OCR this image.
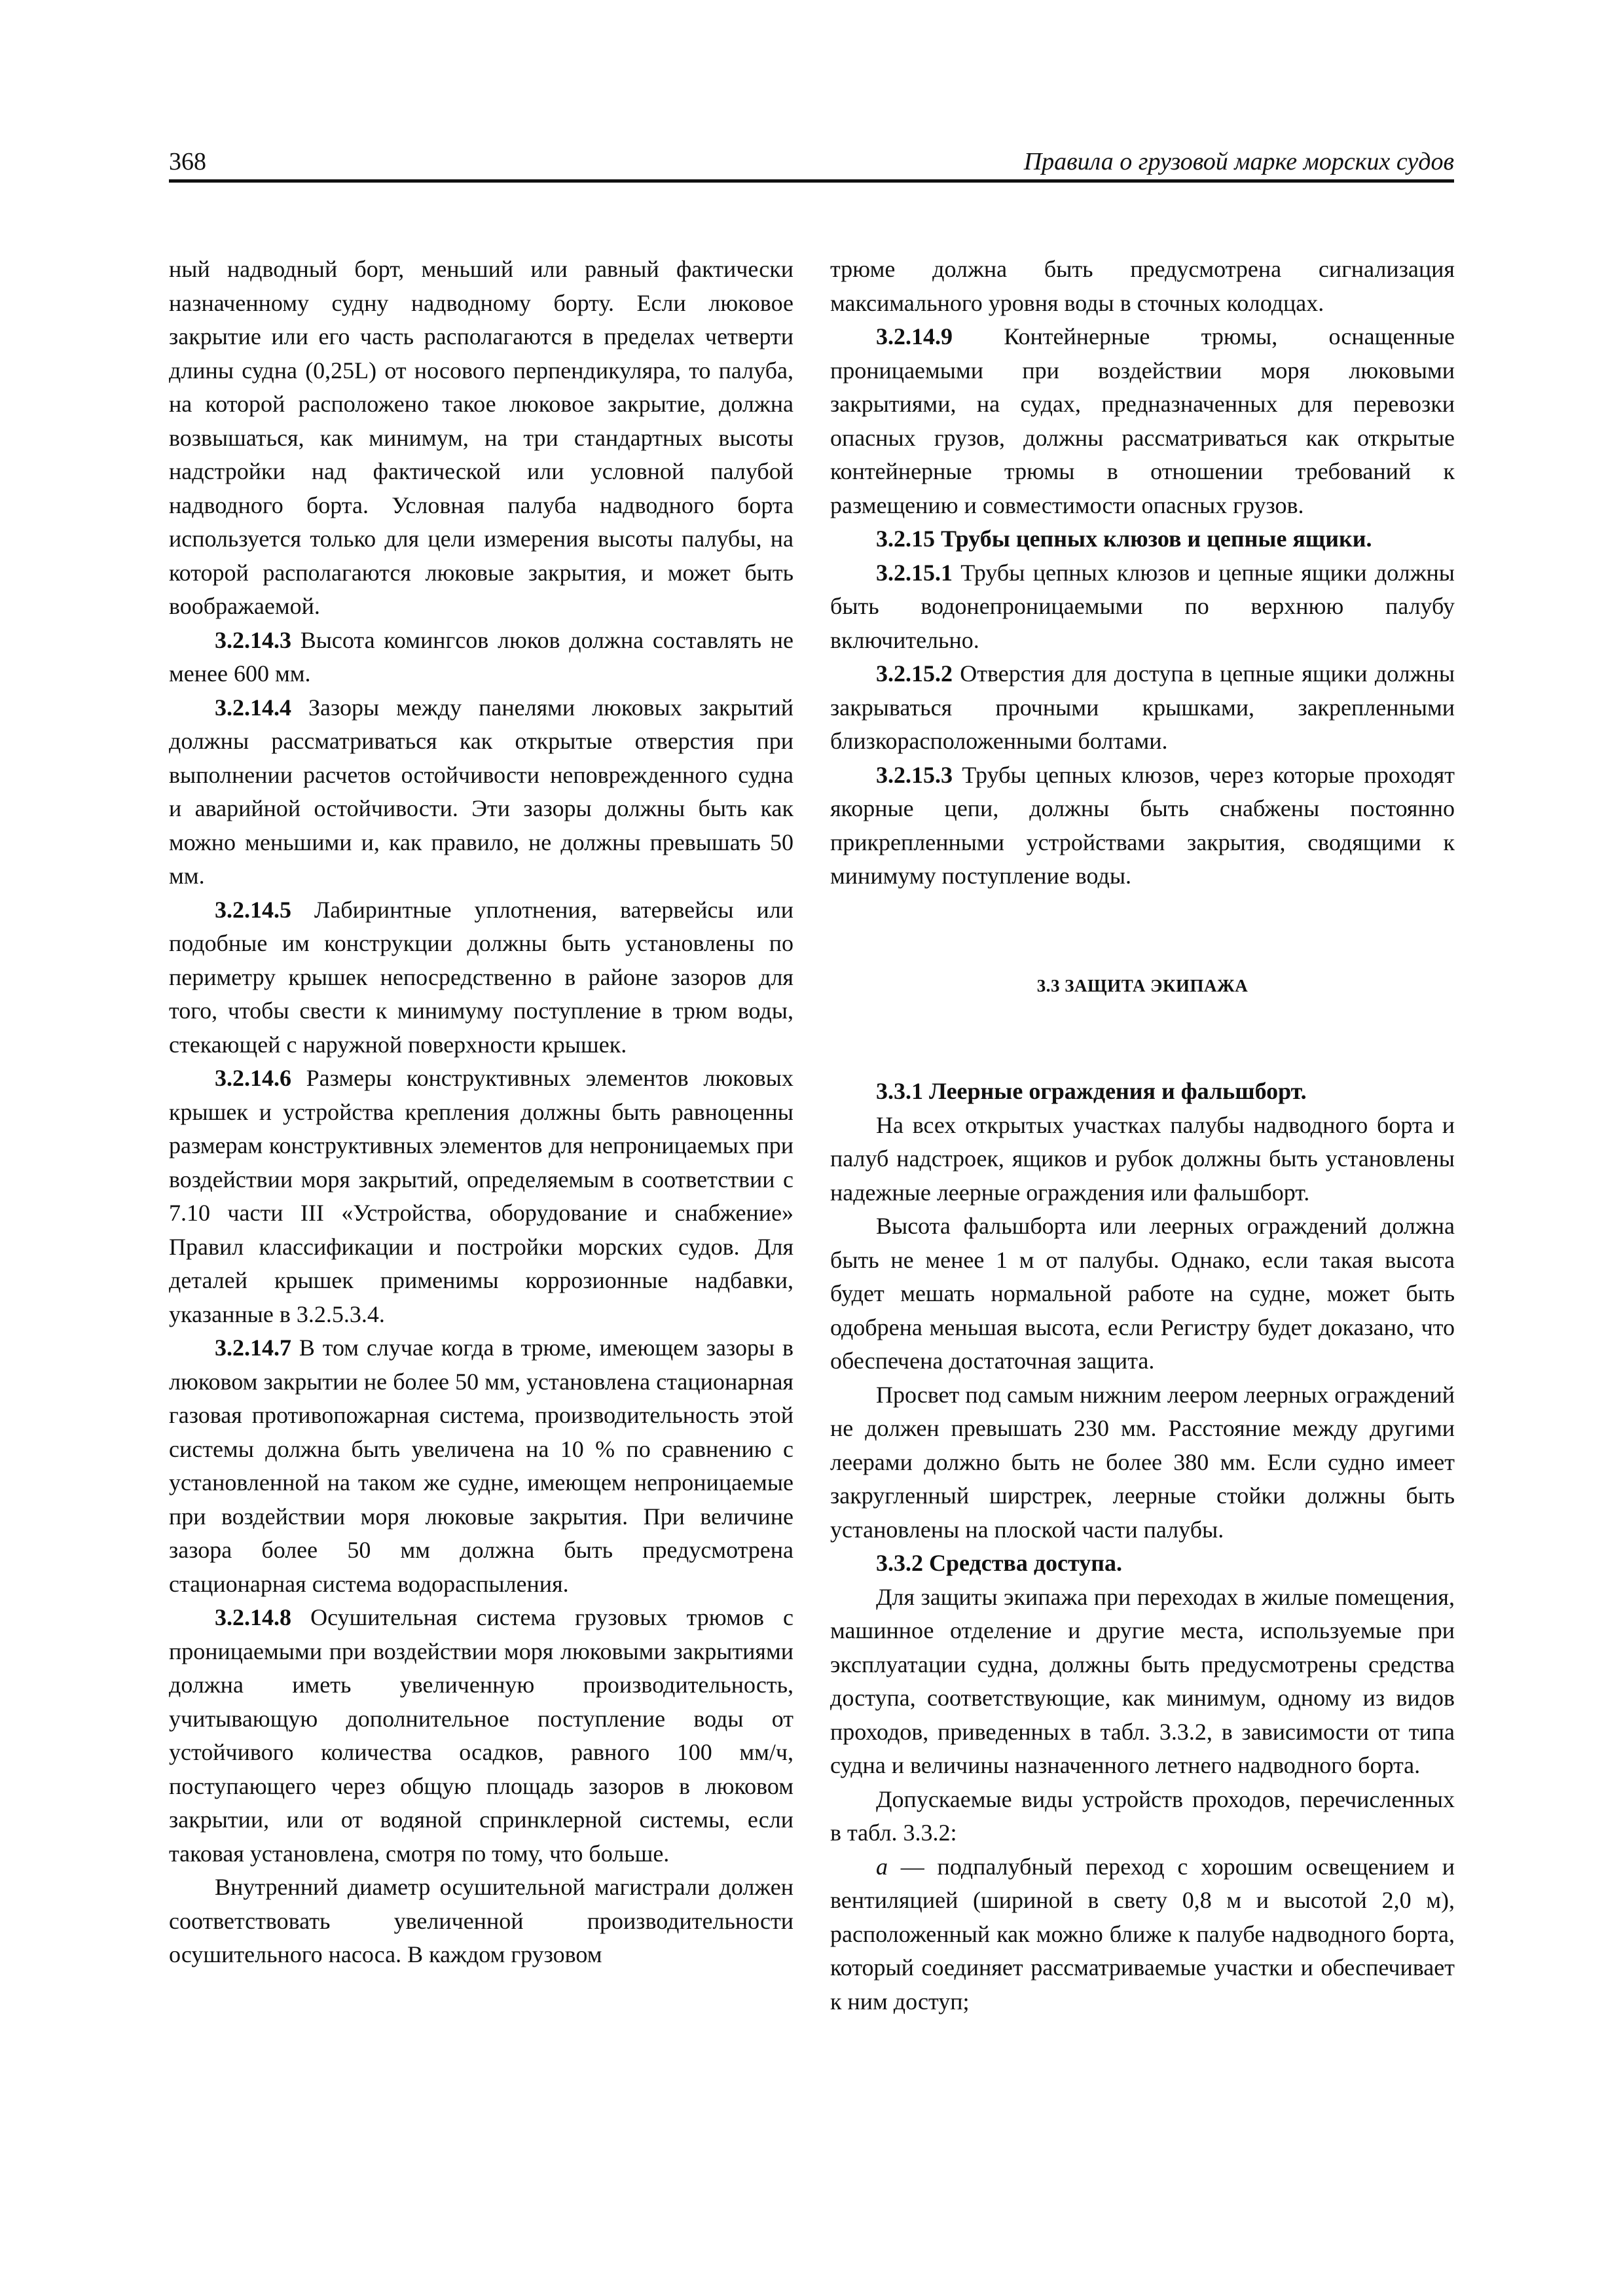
368	Правила о грузовой марке морских судов

ный надводный борт, меньший или равный фактически назначенному судну надводному борту. Если люковое закрытие или его часть располагаются в пределах четверти длины судна (0,25L) от носового перпендикуляра, то палуба, на которой расположено такое люковое закрытие, должна возвышаться, как минимум, на три стандартных высоты надстройки над фактической или условной палубой надводного борта. Условная палуба надводного борта используется только для цели измерения высоты палубы, на которой располагаются люковые закрытия, и может быть воображаемой.

3.2.14.3 Высота комингсов люков должна составлять не менее 600 мм.

3.2.14.4 Зазоры между панелями люковых закрытий должны рассматриваться как открытые отверстия при выполнении расчетов остойчивости неповрежденного судна и аварийной остойчивости. Эти зазоры должны быть как можно меньшими и, как правило, не должны превышать 50 мм.

3.2.14.5 Лабиринтные уплотнения, ватервейсы или подобные им конструкции должны быть установлены по периметру крышек непосредственно в районе зазоров для того, чтобы свести к минимуму поступление в трюм воды, стекающей с наружной поверхности крышек.

3.2.14.6 Размеры конструктивных элементов люковых крышек и устройства крепления должны быть равноценны размерам конструктивных элементов для непроницаемых при воздействии моря закрытий, определяемым в соответствии с 7.10 части III «Устройства, оборудование и снабжение» Правил классификации и постройки морских судов. Для деталей крышек применимы коррозионные надбавки, указанные в 3.2.5.3.4.

3.2.14.7 В том случае когда в трюме, имеющем зазоры в люковом закрытии не более 50 мм, установлена стационарная газовая противопожарная система, производительность этой системы должна быть увеличена на 10 % по сравнению с установленной на таком же судне, имеющем непроницаемые при воздействии моря люковые закрытия. При величине зазора более 50 мм должна быть предусмотрена стационарная система водораспыления.

3.2.14.8 Осушительная система грузовых трюмов с проницаемыми при воздействии моря люковыми закрытиями должна иметь увеличенную производительность, учитывающую дополнительное поступление воды от устойчивого количества осадков, равного 100 мм/ч, поступающего через общую площадь зазоров в люковом закрытии, или от водяной спринклерной системы, если таковая установлена, смотря по тому, что больше.

Внутренний диаметр осушительной магистрали должен соответствовать увеличенной производительности осушительного насоса. В каждом грузовом

трюме должна быть предусмотрена сигнализация максимального уровня воды в сточных колодцах.

3.2.14.9 Контейнерные трюмы, оснащенные проницаемыми при воздействии моря люковыми закрытиями, на судах, предназначенных для перевозки опасных грузов, должны рассматриваться как открытые контейнерные трюмы в отношении требований к размещению и совместимости опасных грузов.

3.2.15 Трубы цепных клюзов и цепные ящики.

3.2.15.1 Трубы цепных клюзов и цепные ящики должны быть водонепроницаемыми по верхнюю палубу включительно.

3.2.15.2 Отверстия для доступа в цепные ящики должны закрываться прочными крышками, закрепленными близкорасположенными болтами.

3.2.15.3 Трубы цепных клюзов, через которые проходят якорные цепи, должны быть снабжены постоянно прикрепленными устройствами закрытия, сводящими к минимуму поступление воды.

3.3 ЗАЩИТА ЭКИПАЖА

3.3.1 Леерные ограждения и фальшборт.

На всех открытых участках палубы надводного борта и палуб надстроек, ящиков и рубок должны быть установлены надежные леерные ограждения или фальшборт.

Высота фальшборта или леерных ограждений должна быть не менее 1 м от палубы. Однако, если такая высота будет мешать нормальной работе на судне, может быть одобрена меньшая высота, если Регистру будет доказано, что обеспечена достаточная защита.

Просвет под самым нижним леером леерных ограждений не должен превышать 230 мм. Расстояние между другими леерами должно быть не более 380 мм. Если судно имеет закругленный ширстрек, леерные стойки должны быть установлены на плоской части палубы.

3.3.2 Средства доступа.

Для защиты экипажа при переходах в жилые помещения, машинное отделение и другие места, используемые при эксплуатации судна, должны быть предусмотрены средства доступа, соответствующие, как минимум, одному из видов проходов, приведенных в табл. 3.3.2, в зависимости от типа судна и величины назначенного летнего надводного борта.

Допускаемые виды устройств проходов, перечисленных в табл. 3.3.2:

а — подпалубный переход с хорошим освещением и вентиляцией (шириной в свету 0,8 м и высотой 2,0 м), расположенный как можно ближе к палубе надводного борта, который соединяет рассматриваемые участки и обеспечивает к ним доступ;
